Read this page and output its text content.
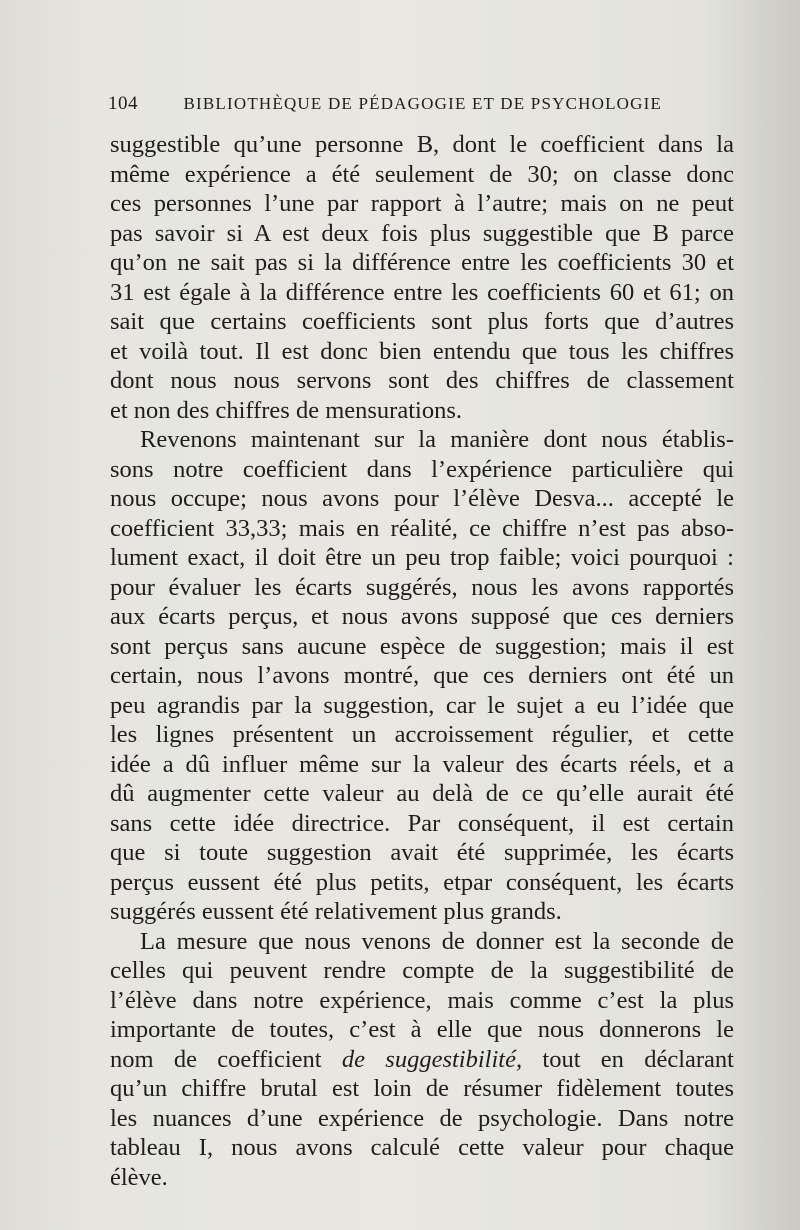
104	BIBLIOTHÈQUE DE PÉDAGOGIE ET DE PSYCHOLOGIE
suggestible qu’une personne B, dont le coefficient dans la
même expérience a été seulement de 30; on classe donc
ces personnes l’une par rapport à l’autre; mais on ne peut
pas savoir si A est deux fois plus suggestible que B parce
qu’on ne sait pas si la différence entre les coefficients 30 et
31 est égale à la différence entre les coefficients 60 et 61; on
sait que certains coefficients sont plus forts que d’autres
et voilà tout. Il est donc bien entendu que tous les chiffres
dont nous nous servons sont des chiffres de classement
et non des chiffres de mensurations.
Revenons maintenant sur la manière dont nous établis-
sons notre coefficient dans l’expérience particulière qui
nous occupe; nous avons pour l’élève Desva... accepté le
coefficient 33,33; mais en réalité, ce chiffre n’est pas abso-
lument exact, il doit être un peu trop faible; voici pourquoi :
pour évaluer les écarts suggérés, nous les avons rapportés
aux écarts perçus, et nous avons supposé que ces derniers
sont perçus sans aucune espèce de suggestion; mais il est
certain, nous l’avons montré, que ces derniers ont été un
peu agrandis par la suggestion, car le sujet a eu l’idée que
les lignes présentent un accroissement régulier, et cette
idée a dû influer même sur la valeur des écarts réels, et a
dû augmenter cette valeur au delà de ce qu’elle aurait été
sans cette idée directrice. Par conséquent, il est certain
que si toute suggestion avait été supprimée, les écarts
perçus eussent été plus petits, etpar conséquent, les écarts
suggérés eussent été relativement plus grands.
La mesure que nous venons de donner est la seconde de
celles qui peuvent rendre compte de la suggestibilité de
l’élève dans notre expérience, mais comme c’est la plus
importante de toutes, c’est à elle que nous donnerons le
nom de coefficient de suggestibilité, tout en déclarant
qu’un chiffre brutal est loin de résumer fidèlement toutes
les nuances d’une expérience de psychologie. Dans notre
tableau I, nous avons calculé cette valeur pour chaque
élève.
